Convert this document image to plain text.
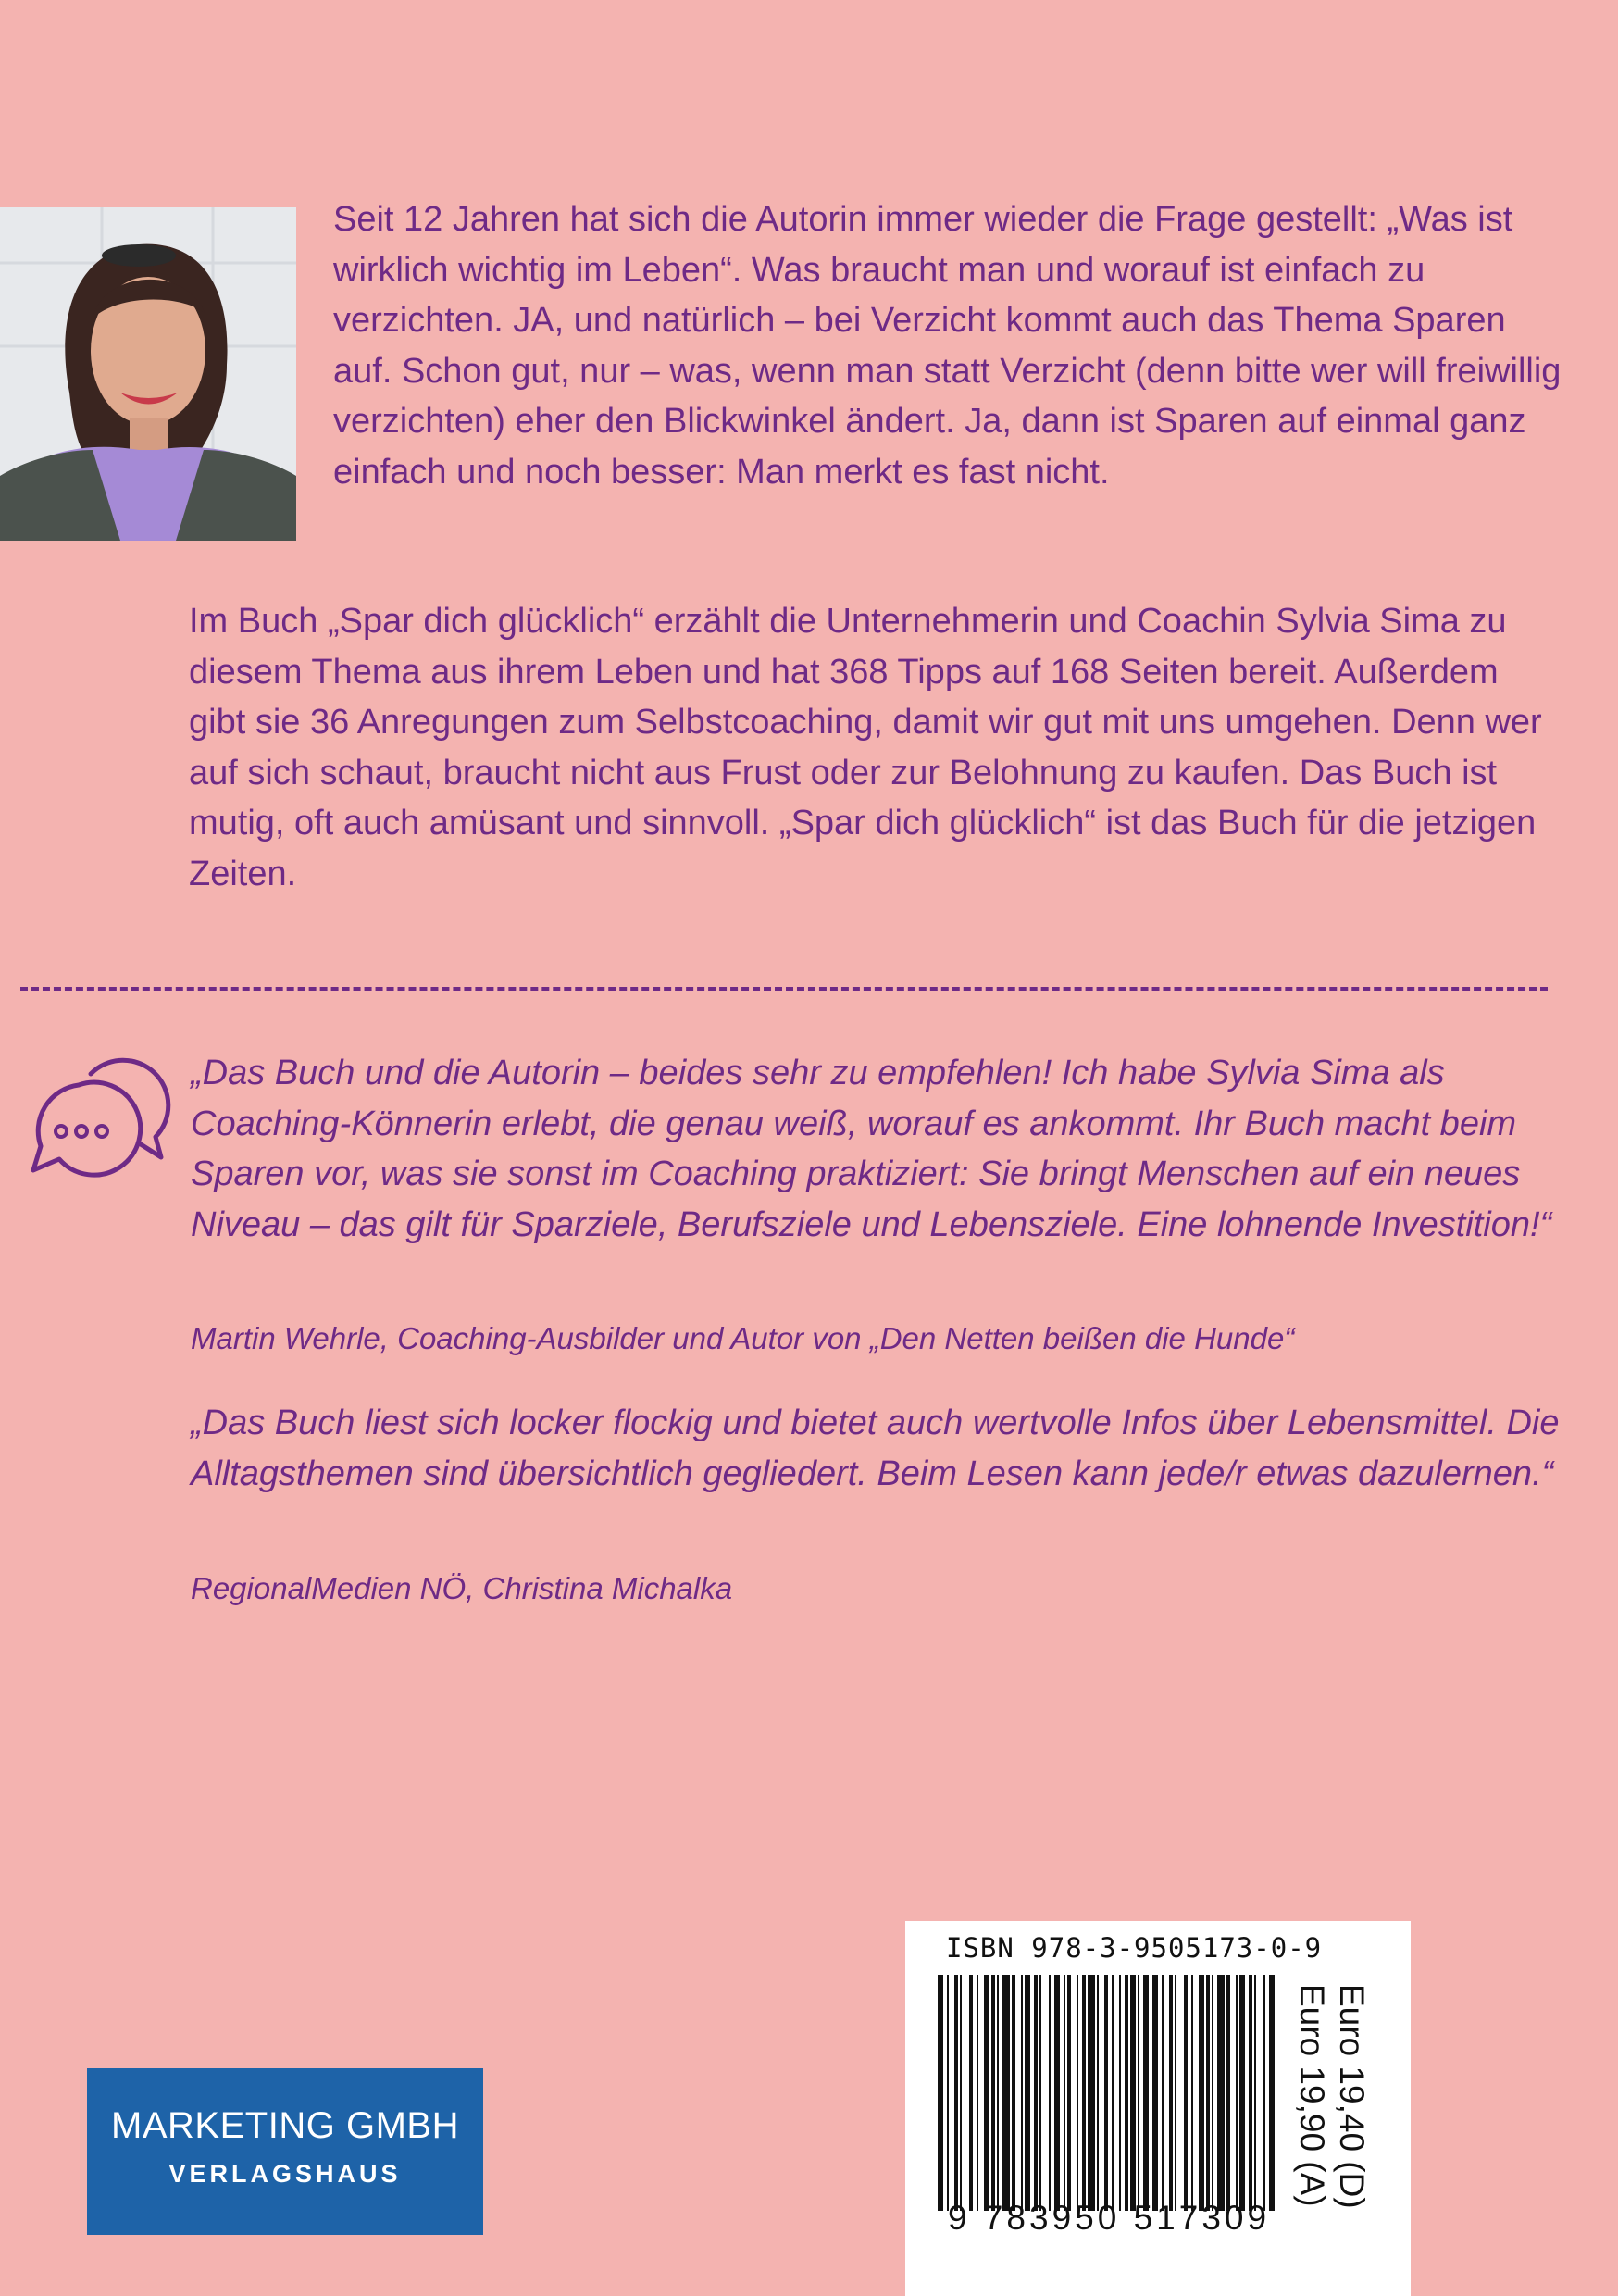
Seit 12 Jahren hat sich die Autorin immer wieder die Frage gestellt: „Was ist wirklich wichtig im Leben“. Was braucht man und worauf ist einfach zu verzichten. JA, und natürlich – bei Verzicht kommt auch das Thema Sparen auf. Schon gut, nur – was, wenn man statt Verzicht (denn bitte wer will freiwillig verzichten) eher den Blickwinkel ändert. Ja, dann ist Sparen auf einmal ganz einfach und noch besser: Man merkt es fast nicht.

Im Buch „Spar dich glücklich“ erzählt die Unternehmerin und Coachin Sylvia Sima zu diesem Thema aus ihrem Leben und hat 368 Tipps auf 168 Seiten bereit. Außerdem gibt sie 36 Anregungen zum Selbstcoaching, damit wir gut mit uns umgehen. Denn wer auf sich schaut, braucht nicht aus Frust oder zur Belohnung zu kaufen. Das Buch ist mutig, oft auch amüsant und sinnvoll. „Spar dich glücklich“ ist das Buch für die jetzigen Zeiten.

„Das Buch und die Autorin – beides sehr zu empfehlen! Ich habe Sylvia Sima als Coaching-Könnerin erlebt, die genau weiß, worauf es ankommt. Ihr Buch macht beim Sparen vor, was sie sonst im Coaching praktiziert: Sie bringt Menschen auf ein neues Niveau – das gilt für Sparziele, Berufsziele und Lebensziele. Eine lohnende Investition!“

Martin Wehrle, Coaching-Ausbilder und Autor von „Den Netten beißen die Hunde“

„Das Buch liest sich locker flockig und bietet auch wertvolle Infos über Lebensmittel. Die Alltagsthemen sind übersichtlich gegliedert. Beim Lesen kann jede/r etwas dazulernen.“

RegionalMedien NÖ, Christina Michalka

MARKETING GMBH
VERLAGSHAUS
ISBN 978-3-9505173-0-9
9 783950 517309
Euro 19,40 (D)
Euro 19,90 (A)
